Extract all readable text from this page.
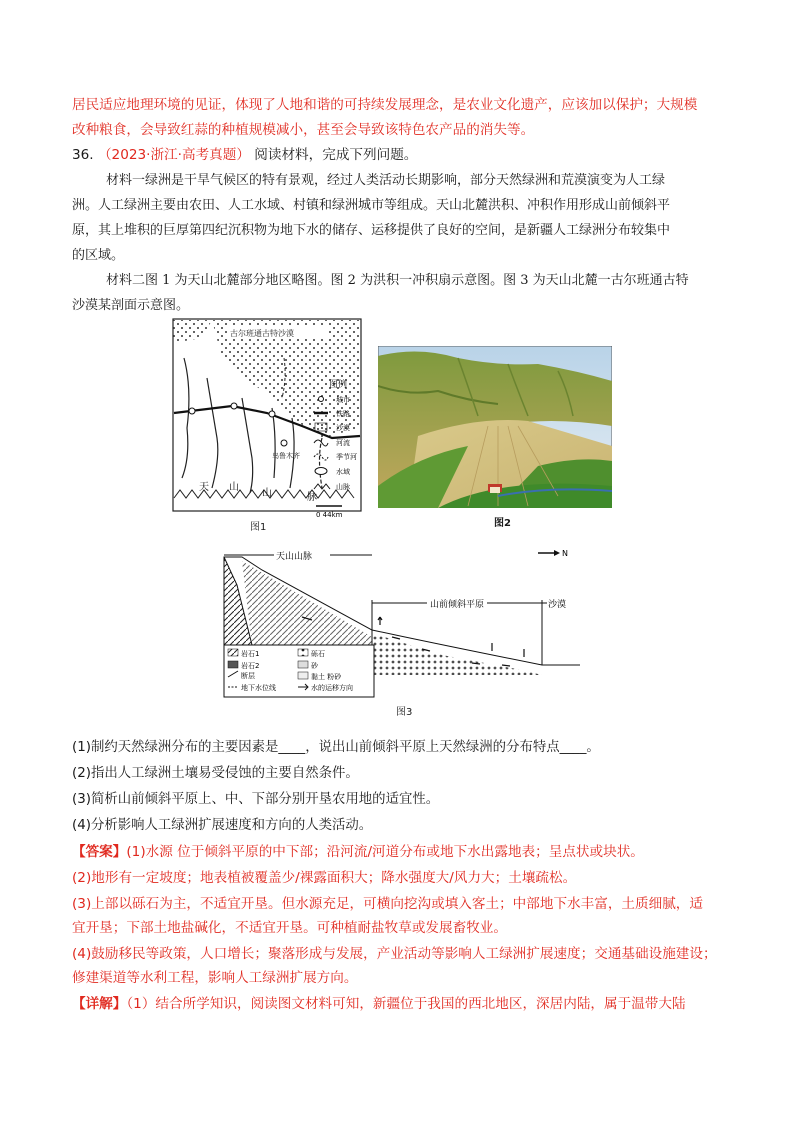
居民适应地理环境的见证，体现了人地和谐的可持续发展理念，是农业文化遗产，应该加以保护；大规模
改种粮食，会导致红蒜的种植规模减小，甚至会导致该特色农产品的消失等。
36. （2023·浙江·高考真题） 阅读材料，完成下列问题。
材料一绿洲是干旱气候区的特有景观，经过人类活动长期影响，部分天然绿洲和荒漠演变为人工绿
洲。人工绿洲主要由农田、人工水域、村镇和绿洲城市等组成。天山北麓洪积、冲积作用形成山前倾斜平
原，其上堆积的巨厚第四纪沉积物为地下水的储存、运移提供了良好的空间，是新疆人工绿洲分布较集中
的区域。
材料二图 1 为天山北麓部分地区略图。图 2 为洪积一冲积扇示意图。图 3 为天山北麓一古尔班通古特
沙漠某剖面示意图。
古尔班通古特沙漠
乌鲁木齐
天 山
山	脉
图例
城市
铁路
沙漠
河流
季节河
水域
山脉
0 44km
图1	图2
天山山脉	N
山前倾斜平原	沙漠
岩石1
岩石2
断层
地下水位线
砾石
砂
黏土 粉砂
水的运移方向
图3
(1)制约天然绿洲分布的主要因素是____，说出山前倾斜平原上天然绿洲的分布特点____。
(2)指出人工绿洲土壤易受侵蚀的主要自然条件。
(3)简析山前倾斜平原上、中、下部分别开垦农用地的适宜性。
(4)分析影响人工绿洲扩展速度和方向的人类活动。
【答案】(1)水源 位于倾斜平原的中下部；沿河流/河道分布或地下水出露地表；呈点状或块状。
(2)地形有一定坡度；地表植被覆盖少/裸露面积大；降水强度大/风力大；土壤疏松。
(3)上部以砾石为主，不适宜开垦。但水源充足，可横向挖沟或填入客土；中部地下水丰富，土质细腻，适
宜开垦；下部土地盐碱化，不适宜开垦。可种植耐盐牧草或发展畜牧业。
(4)鼓励移民等政策，人口增长；聚落形成与发展，产业活动等影响人工绿洲扩展速度；交通基础设施建设；
修建渠道等水利工程，影响人工绿洲扩展方向。
【详解】（1）结合所学知识，阅读图文材料可知，新疆位于我国的西北地区，深居内陆，属于温带大陆
